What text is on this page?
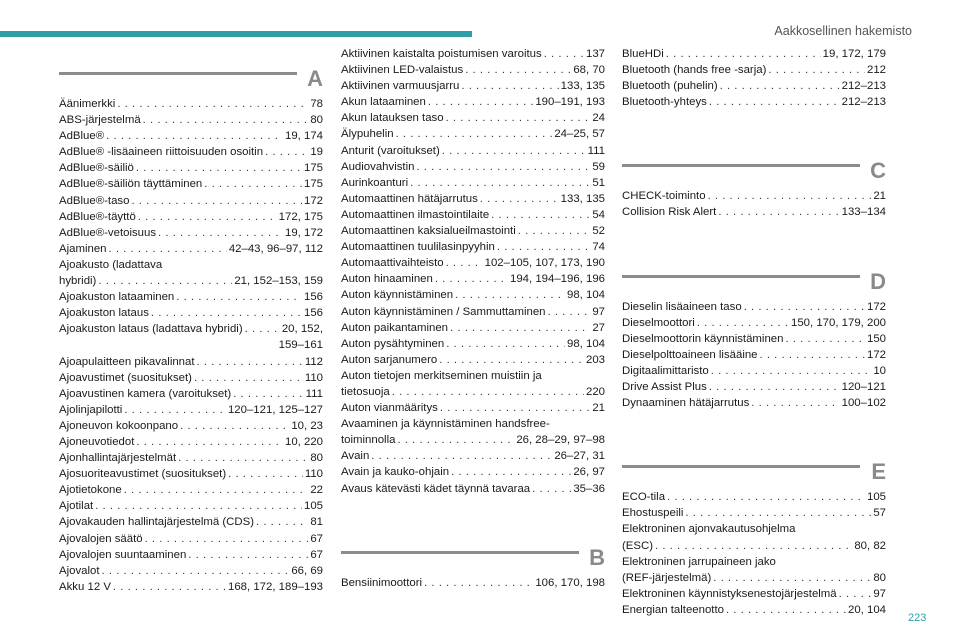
Aakkosellinen hakemisto
A
Äänimerkki . . .	78
ABS-järjestelmä . . .	80
AdBlue® . . .	19, 174
AdBlue® -lisäaineen riittoisuuden osoitin . . .	19
AdBlue®-säiliö . . .	175
AdBlue®-säiliön täyttäminen . . .	175
AdBlue®-taso . . .	172
AdBlue®-täyttö . . .	172, 175
AdBlue®-vetoisuus . . .	19, 172
Ajaminen . . .	42–43, 96–97, 112
Ajoakusto (ladattava
hybridi) . . .	21, 152–153, 159
Ajoakuston lataaminen . . .	156
Ajoakuston lataus . . .	156
Ajoakuston lataus (ladattava hybridi) . . .	20, 152,
159–161
Ajoapulaitteen pikavalinnat . . .	112
Ajoavustimet (suositukset) . . .	110
Ajoavustinen kamera (varoitukset) . . .	111
Ajolinjapilotti . . .	120–121, 125–127
Ajoneuvon kokoonpano . . .	10, 23
Ajoneuvotiedot . . .	10, 220
Ajonhallintajärjestelmät . . .	80
Ajosuoriteavustimet (suositukset) . . .	110
Ajotietokone . . .	22
Ajotilat . . .	105
Ajovakauden hallintajärjestelmä (CDS) . . .	81
Ajovalojen säätö . . .	67
Ajovalojen suuntaaminen . . .	67
Ajovalot . . .	66, 69
Akku 12 V . . .	168, 172, 189–193
Aktiivinen kaistalta poistumisen varoitus . . .	137
Aktiivinen LED-valaistus . . .	68, 70
Aktiivinen varmuusjarru . . .	133, 135
Akun lataaminen . . .	190–191, 193
Akun latauksen taso . . .	24
Älypuhelin . . .	24–25, 57
Anturit (varoitukset) . . .	111
Audiovahvistin . . .	59
Aurinkoanturi . . .	51
Automaattinen hätäjarrutus . . .	133, 135
Automaattinen ilmastointilaite . . .	54
Automaattinen kaksialueilmastointi . . .	52
Automaattinen tuulilasinpyyhin . . .	74
Automaattivaihteisto . . .	102–105, 107, 173, 190
Auton hinaaminen . . .	194, 194–196, 196
Auton käynnistäminen . . .	98, 104
Auton käynnistäminen / Sammuttaminen . . .	97
Auton paikantaminen . . .	27
Auton pysähtyminen . . .	98, 104
Auton sarjanumero . . .	203
Auton tietojen merkitseminen muistiin ja
tietosuoja . . .	220
Auton vianmääritys . . .	21
Avaaminen ja käynnistäminen handsfree-
toiminnolla . . .	26, 28–29, 97–98
Avain . . .	26–27, 31
Avain ja kauko-ohjain . . .	26, 97
Avaus kätevästi kädet täynnä tavaraa . . .	35–36
B
Bensiinimoottori . . .	106, 170, 198
BlueHDi . . .	19, 172, 179
Bluetooth (hands free -sarja) . . .	212
Bluetooth (puhelin) . . .	212–213
Bluetooth-yhteys . . .	212–213
C
CHECK-toiminto . . .	21
Collision Risk Alert . . .	133–134
D
Dieselin lisäaineen taso . . .	172
Dieselmoottori . . .	150, 170, 179, 200
Dieselmoottorin käynnistäminen . . .	150
Dieselpolttoaineen lisääine . . .	172
Digitaalimittaristo . . .	10
Drive Assist Plus . . .	120–121
Dynaaminen hätäjarrutus . . .	100–102
E
ECO-tila . . .	105
Ehostuspeili . . .	57
Elektroninen ajonvakautusohjelma
(ESC) . . .	80, 82
Elektroninen jarrupaineen jako
(REF-järjestelmä) . . .	80
Elektroninen käynnistyksenestojärjestelmä . . .	97
Energian talteenotto . . .	20, 104
223
